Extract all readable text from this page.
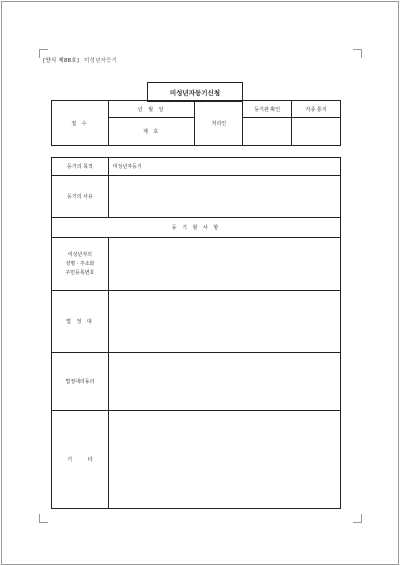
[양식 제88호] 미성년자등기
미성년자등기신청
접 수	년 월 일	처리인	등기관 확인	각종 통지
	제 호			
등기의 목적	미성년자등기
등기의 사유	
등 기 할 사 항	

미성년자의
성명 · 주소와
주민등록번호	

법 정 대	
법정대리동의	
기 타	
